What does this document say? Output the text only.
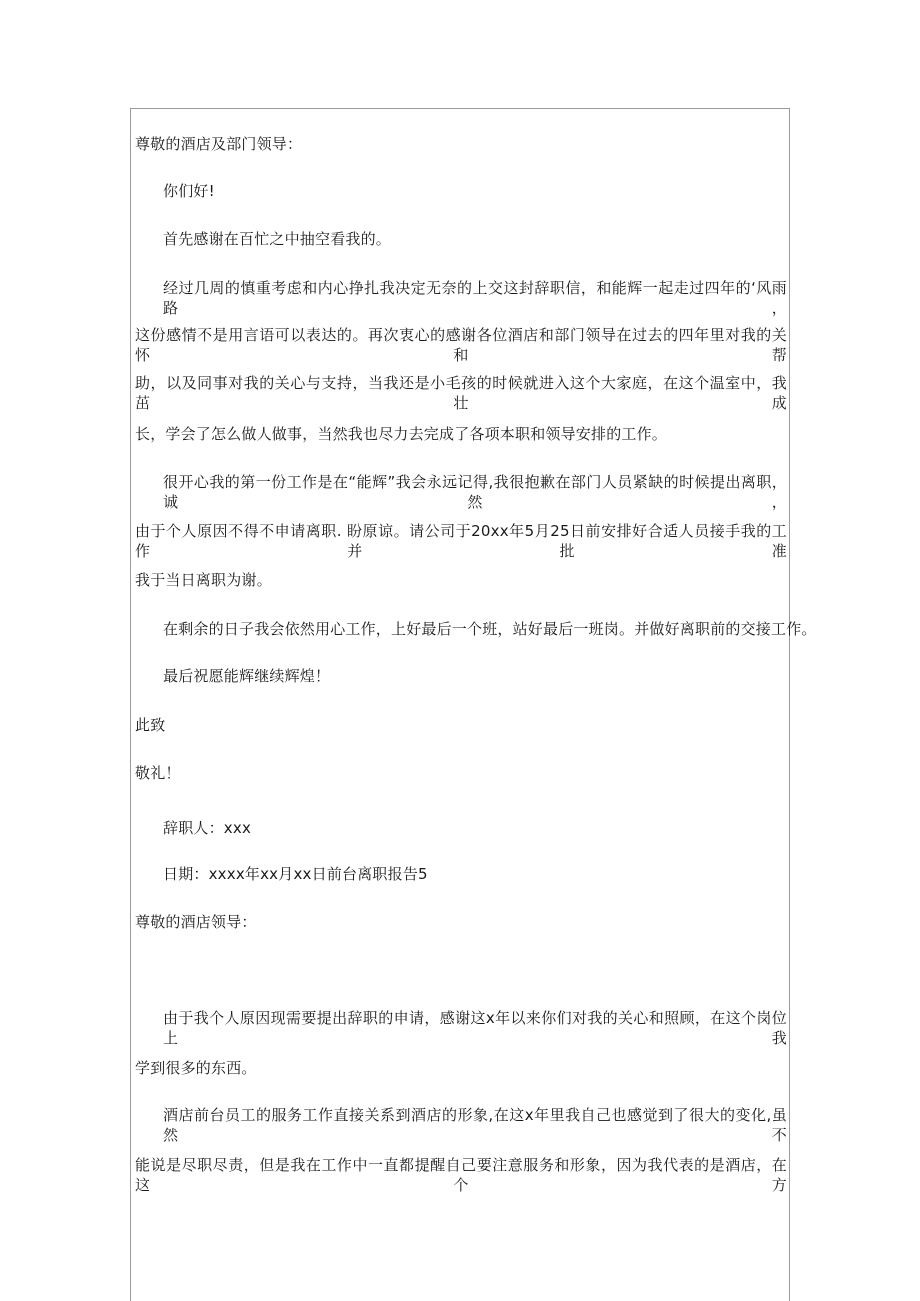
尊敬的酒店及部门领导：
你们好!
首先感谢在百忙之中抽空看我的。
经过几周的慎重考虑和内心挣扎我决定无奈的上交这封辞职信，和能辉一起走过四年的‘风雨路，
这份感情不是用言语可以表达的。再次衷心的感谢各位酒店和部门领导在过去的四年里对我的关怀和帮
助，以及同事对我的关心与支持，当我还是小毛孩的时候就进入这个大家庭，在这个温室中，我茁壮成
长，学会了怎么做人做事，当然我也尽力去完成了各项本职和领导安排的工作。
很开心我的第一份工作是在“能辉”我会永远记得,我很抱歉在部门人员紧缺的时候提出离职，诚然，
由于个人原因不得不申请离职. 盼原谅。请公司于20xx年5月25日前安排好合适人员接手我的工作并批准
我于当日离职为谢。
在剩余的日子我会依然用心工作，上好最后一个班，站好最后一班岗。并做好离职前的交接工作。
最后祝愿能辉继续辉煌！
此致
敬礼！
辞职人：xxx
日期：xxxx年xx月xx日前台离职报告5
尊敬的酒店领导：
由于我个人原因现需要提出辞职的申请，感谢这x年以来你们对我的关心和照顾，在这个岗位上我
学到很多的东西。
酒店前台员工的服务工作直接关系到酒店的形象,在这x年里我自己也感觉到了很大的变化,虽然不
能说是尽职尽责，但是我在工作中一直都提醒自己要注意服务和形象，因为我代表的是酒店，在这个方
